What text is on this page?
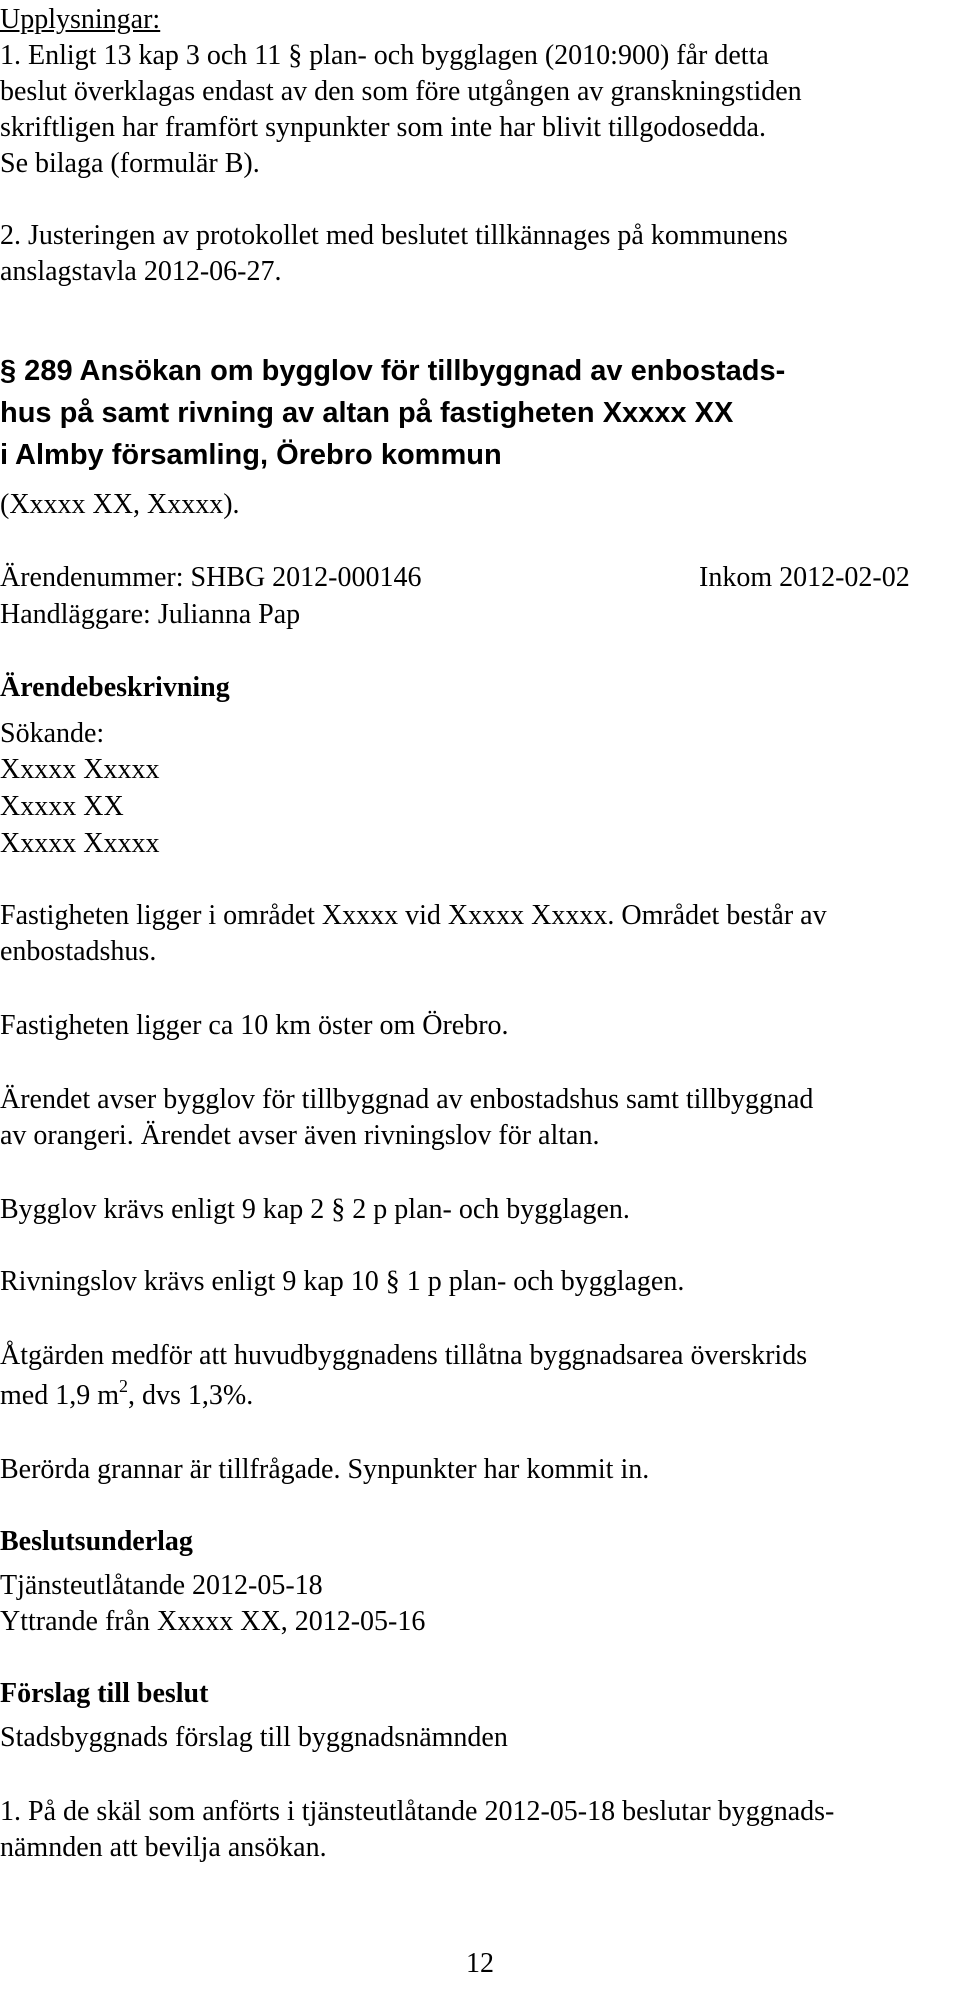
Upplysningar:

1. Enligt 13 kap 3 och 11 § plan- och bygglagen (2010:900) får detta

beslut överklagas endast av den som före utgången av granskningstiden

skriftligen har framfört synpunkter som inte har blivit tillgodosedda.

Se bilaga (formulär B).

2. Justeringen av protokollet med beslutet tillkännages på kommunens

anslagstavla 2012-06-27.

§ 289 Ansökan om bygglov för tillbyggnad av enbostads-

hus på samt rivning av altan på fastigheten Xxxxx XX

i Almby församling, Örebro kommun

(Xxxxx XX, Xxxxx).

Ärendenummer: SHBG 2012-000146	Inkom 2012-02-02

Handläggare: Julianna Pap

Ärendebeskrivning

Sökande:

Xxxxx Xxxxx

Xxxxx XX

Xxxxx Xxxxx

Fastigheten ligger i området Xxxxx vid Xxxxx Xxxxx. Området består av

enbostadshus.

Fastigheten ligger ca 10 km öster om Örebro.

Ärendet avser bygglov för tillbyggnad av enbostadshus samt tillbyggnad

av orangeri. Ärendet avser även rivningslov för altan.

Bygglov krävs enligt 9 kap 2 § 2 p plan- och bygglagen.

Rivningslov krävs enligt 9 kap 10 § 1 p plan- och bygglagen.

Åtgärden medför att huvudbyggnadens tillåtna byggnadsarea överskrids

med 1,9 $m^2$, dvs 1,3%.

Berörda grannar är tillfrågade. Synpunkter har kommit in.

Beslutsunderlag

Tjänsteutlåtande 2012-05-18

Yttrande från Xxxxx XX, 2012-05-16

Förslag till beslut

Stadsbyggnads förslag till byggnadsnämnden

1. På de skäl som anförts i tjänsteutlåtande 2012-05-18 beslutar byggnads-

nämnden att bevilja ansökan.

12
